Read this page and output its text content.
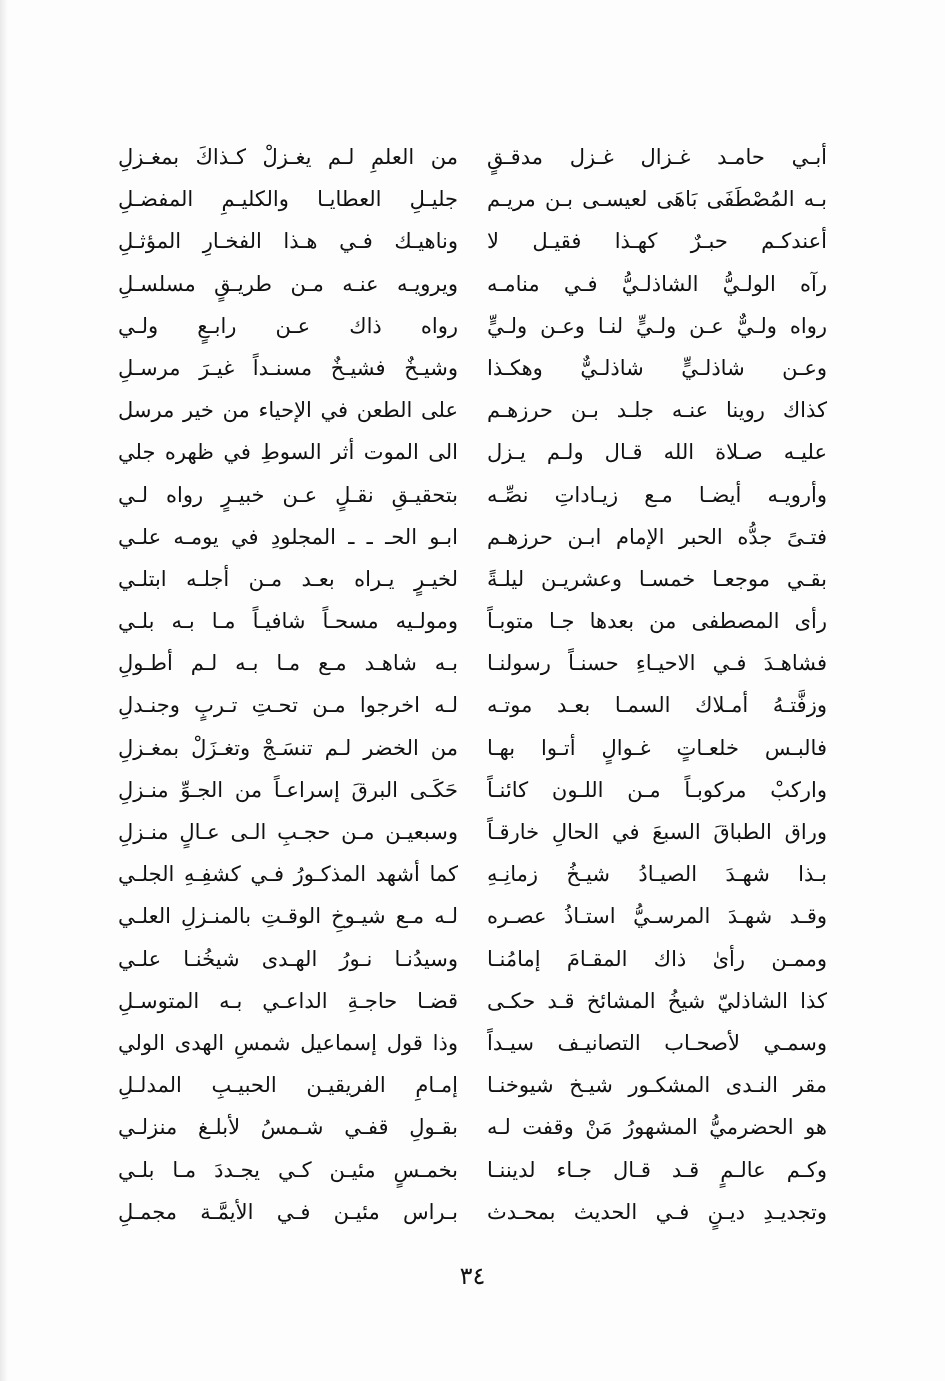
أبـي حامـد غـزال غـزل مدقـقٍ
بـه المُصْطَفَى بَاهَى لعيسـى بـن مريـم
أعندكـم حبـرٌ كهـذا فقيـل لا
رآه الولـيُّ الشاذلـيُّ فـي منامـه
رواه ولـيٌّ عـن ولـيٍّ لنـا وعـن ولـيٍّ
وعـن شاذلـيٍّ شاذلـيٌّ وهكـذا
كذاك روينا عنـه جلـد بـن حرزهـم
عليـه صـلاة الله قـال ولـم يـزل
وأرويـه أيضـا مـع زيـاداتِ نصِّـه
فتـىً جدُّه الحبر الإمام ابـن حرزهـم
بقـي موجعـا خمسـا وعشريـن ليلـةً
رأى المصطفى من بعدها جـا متوبـاً
فشاهـدَ فـي الاحيـاءِ حسنـاً رسولنـا
وزفَّتـهُ أمـلاك السمـا بعـد موتـه
فالبـس خلعـاتٍ غـوالٍ أتـوا بهـا
واركبْ مركوبـاً مـن اللـون كائنـاً
وراق الطباقَ السبعَ في الحالِ خارقـاً
بـذا شهـدَ الصيـادُ شيـخُ زمانِـهِ
وقـد شهـدَ المرسـيُّ استـاذُ عصـره
وممـن رأىٰ ذاك المقـامَ إمامُنـا
كذا الشاذليّ شيخُ المشائخ قـد حكـى
وسمـي لأصحـاب التصانيـف سيـداً
مقر النـدى المشكـور شيـخ شيوخنـا
هو الحضرميُّ المشهورُ مَنْ وقفت لـه
وكـم عالـمٍ قـد قـال جـاء لديننـا
وتجديـدِ ديـنٍ فـي الحديث بمحـدث
من العلمِ لـم يغـزلْ كـذاكَ بمغـزلِ
جليـلِ العطايـا والكليـمِ المفضـلِ
وناهيـك فـي هـذا الفخـارِ المؤثـلِ
ويرويـه عنـه مـن طريـقٍ مسلسـلِ
رواه ذاك عـن رابـعٍ ولـي
وشيـخٌ فشيـخٌ مسنـداً غيـرَ مرسـلِ
على الطعن في الإحياء من خير مرسل
الى الموت أثر السوطِ في ظهره جلي
بتحقيـقِ نقـلٍ عـن خبيـرٍ رواه لـي
ابـو الحـ ـ ـ المجلودِ في يومـه علـي
لخيـرٍ يـراه بعـد مـن أجلـه ابتلـي
ومولـيه مسحـاً شافيـاً مـا بـه بلـي
بـه شاهـد مـع مـا بـه لـم أطـولِ
لـه اخرجوا مـن تحـتِ تـربٍ وجنـدلِ
من الخضر لـم تنسَـجْ وتغـزَلْ بمغـزلِ
حَكَـى البرقَ إسراعـاً من الجـوِّ منـزلِ
وسبعيـن مـن حجـبِ الـى عـالٍ منـزلِ
كما أشهد المذكـورُ فـي كشفِـهِ الجلـي
لـه مـع شيـوخِ الوقـتِ بالمنـزلِ العلـي
وسيدُنـا نـورُ الهـدى شيخُنـا علـي
قضـا حاجـةِ الداعـي بـه المتوسـلِ
وذا قول إسماعيل شمسِ الهدى الولي
إمـامِ الفريقيـن الحبيـبِ المدلـلِ
بقـولِ قفـي شـمسُ لأبلـغ منزلـي
بخمـسٍ مئيـن كـي يجـددَ مـا بلـي
بـراس مئيـن فـي الأيمَّـة مجمـلِ
٣٤
